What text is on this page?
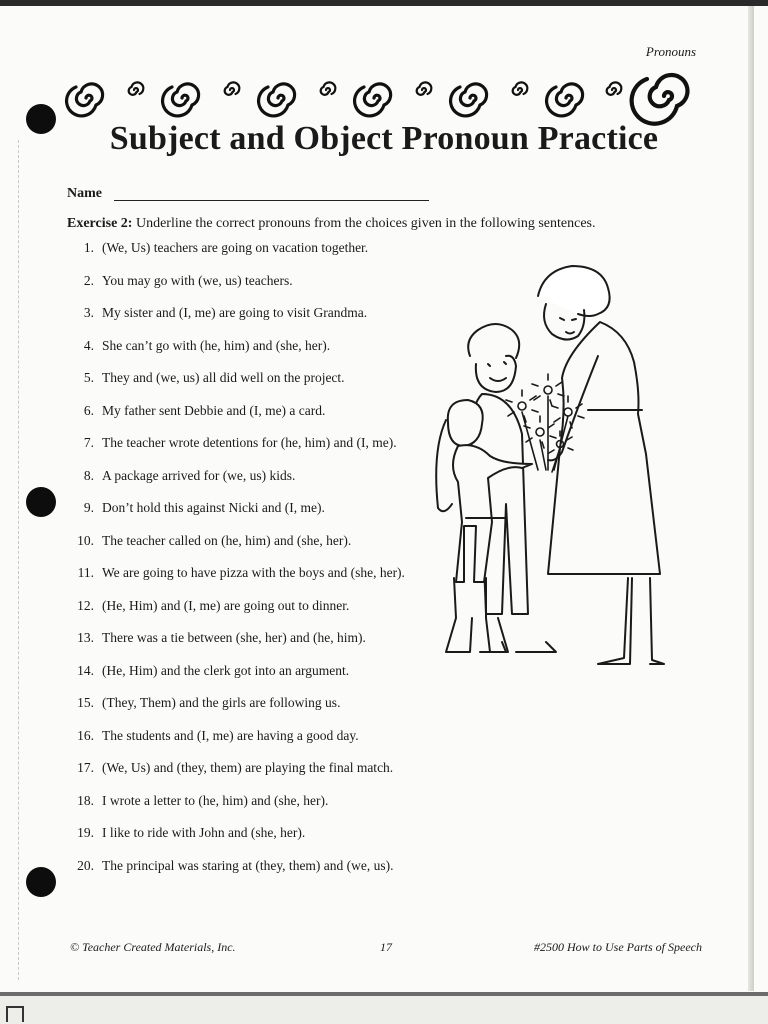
Pronouns
Subject and Object Pronoun Practice
Name
Exercise 2: Underline the correct pronouns from the choices given in the following sentences.
1. (We, Us) teachers are going on vacation together.
2. You may go with (we, us) teachers.
3. My sister and (I, me) are going to visit Grandma.
4. She can’t go with (he, him) and (she, her).
5. They and (we, us) all did well on the project.
6. My father sent Debbie and (I, me) a card.
7. The teacher wrote detentions for (he, him) and (I, me).
8. A package arrived for (we, us) kids.
9. Don’t hold this against Nicki and (I, me).
10. The teacher called on (he, him) and (she, her).
11. We are going to have pizza with the boys and (she, her).
12. (He, Him) and (I, me) are going out to dinner.
13. There was a tie between (she, her) and (he, him).
14. (He, Him) and the clerk got into an argument.
15. (They, Them) and the girls are following us.
16. The students and (I, me) are having a good day.
17. (We, Us) and (they, them) are playing the final match.
18. I wrote a letter to (he, him) and (she, her).
19. I like to ride with John and (she, her).
20. The principal was staring at (they, them) and (we, us).
© Teacher Created Materials, Inc.	17	#2500 How to Use Parts of Speech
